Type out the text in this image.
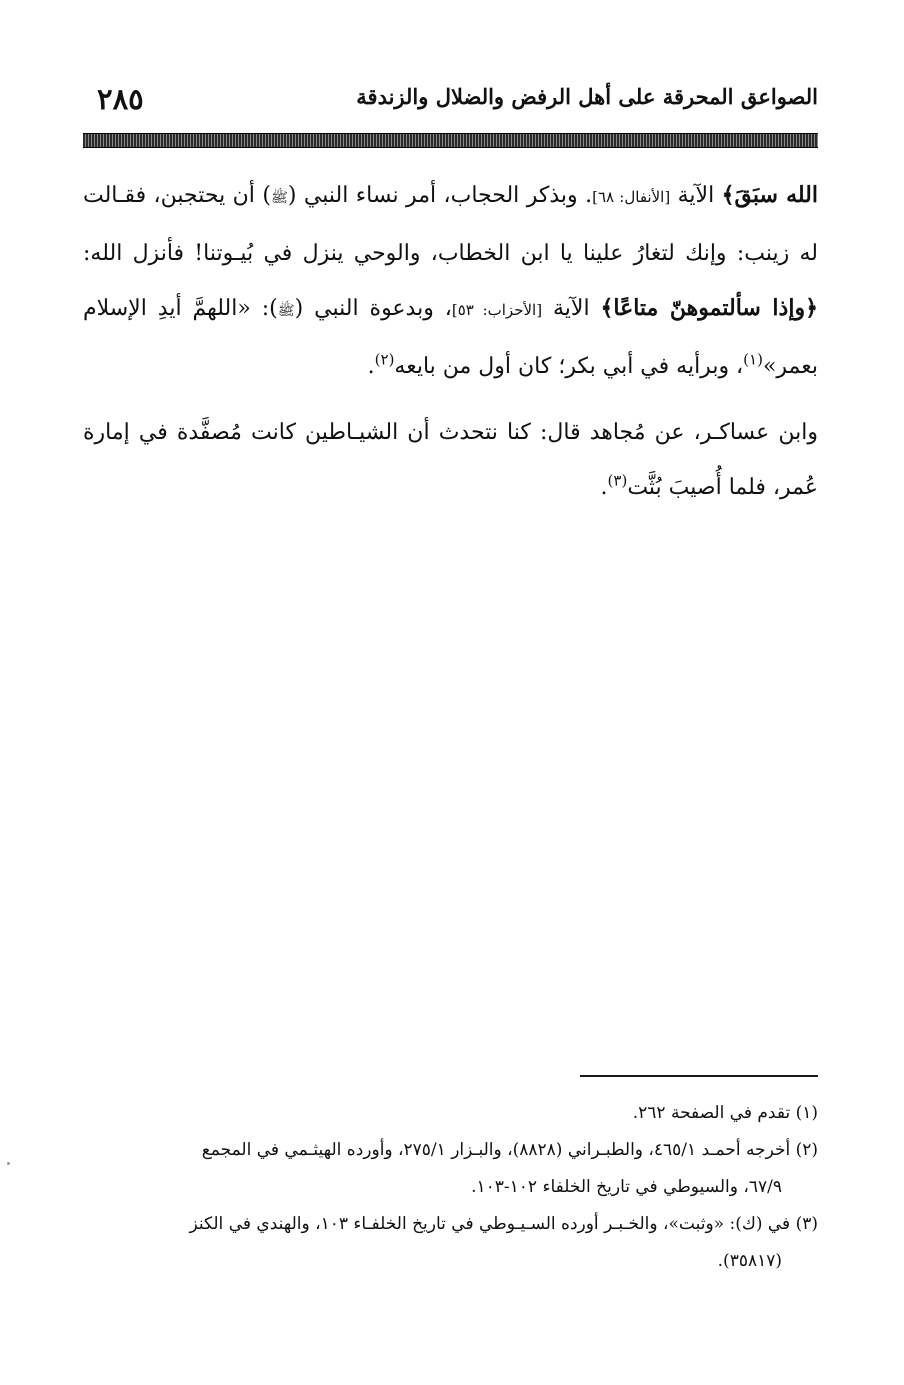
الصواعق المحرقة على أهل الرفض والضلال والزندقة
٢٨٥

الله سبَقَ﴾ الآية [الأنفال: ٦٨]. وبذكر الحجاب، أمر نساء النبي (ﷺ) أن يحتجبن، فقـالت له زينب: وإنك لتغارُ علينا يا ابن الخطاب، والوحي ينزل في بُيـوتنا! فأنزل الله: ﴿وإذا سألتموهنّ متاعًا﴾ الآية [الأحزاب: ٥٣]، وبدعوة النبي (ﷺ): «اللهمَّ أيدِ الإسلام بعمر»$^{(١)}$، وبرأيه في أبي بكر؛ كان أول من بايعه$^{(٢)}$.

وابن عساكـر، عن مُجاهد قال: كنا نتحدث أن الشيـاطين كانت مُصفَّدة في إمارة عُمر، فلما أُصيبَ بُثَّت$^{(٣)}$.

(١) تقدم في الصفحة ٢٦٢.

(٢) أخرجه أحمـد ٤٦٥/١، والطبـراني (٨٨٢٨)، والبـزار ٢٧٥/١، وأورده الهيثـمي في المجمع

٦٧/٩، والسيوطي في تاريخ الخلفاء ١٠٢-١٠٣.

(٣) في (ك): «وثبت»، والخـبـر أورده السـيـوطي في تاريخ الخلفـاء ١٠٣، والهندي في الكنز

(٣٥٨١٧).
